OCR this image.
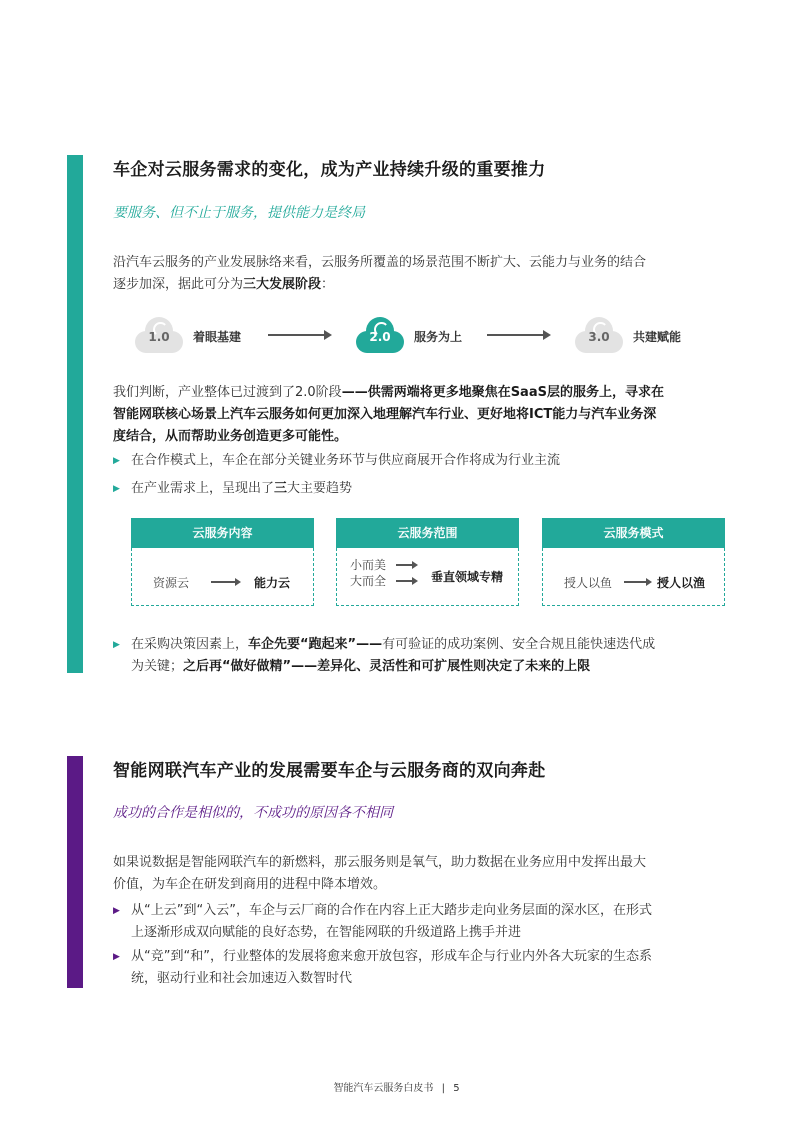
车企对云服务需求的变化，成为产业持续升级的重要推力
要服务、但不止于服务，提供能力是终局
沿汽车云服务的产业发展脉络来看，云服务所覆盖的场景范围不断扩大、云能力与业务的结合
逐步加深，据此可分为三大发展阶段：
1.0	着眼基建	2.0	服务为上	3.0	共建赋能
我们判断，产业整体已过渡到了2.0阶段——供需两端将更多地聚焦在SaaS层的服务上，寻求在
智能网联核心场景上汽车云服务如何更加深入地理解汽车行业、更好地将ICT能力与汽车业务深
度结合，从而帮助业务创造更多可能性。
▶ 在合作模式上，车企在部分关键业务环节与供应商展开合作将成为行业主流
▶ 在产业需求上，呈现出了三大主要趋势
云服务内容
资源云	能力云
云服务范围
小而美
大而全	垂直领域专精
云服务模式
授人以鱼	授人以渔
▶ 在采购决策因素上，车企先要“跑起来”——有可验证的成功案例、安全合规且能快速迭代成
为关键；之后再“做好做精”——差异化、灵活性和可扩展性则决定了未来的上限
智能网联汽车产业的发展需要车企与云服务商的双向奔赴
成功的合作是相似的，不成功的原因各不相同
如果说数据是智能网联汽车的新燃料，那云服务则是氧气，助力数据在业务应用中发挥出最大
价值，为车企在研发到商用的进程中降本增效。
▶ 从“上云”到“入云”，车企与云厂商的合作在内容上正大踏步走向业务层面的深水区，在形式
上逐渐形成双向赋能的良好态势，在智能网联的升级道路上携手并进
▶ 从“竞”到“和”，行业整体的发展将愈来愈开放包容，形成车企与行业内外各大玩家的生态系
统，驱动行业和社会加速迈入数智时代
智能汽车云服务白皮书 | 5
